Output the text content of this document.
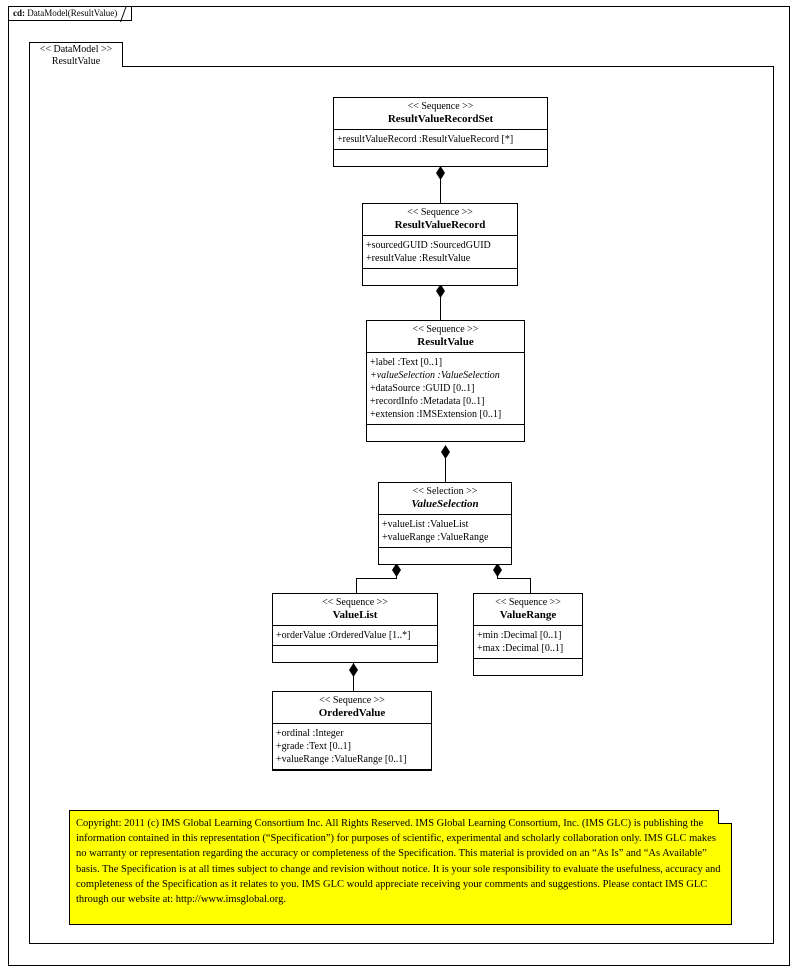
cd: DataModel(ResultValue)
<< DataModel >>
ResultValue
<< Sequence >>
ResultValueRecordSet
+resultValueRecord :ResultValueRecord [*]
<< Sequence >>
ResultValueRecord
+sourcedGUID :SourcedGUID
+resultValue :ResultValue
<< Sequence >>
ResultValue
+label :Text [0..1]
+valueSelection :ValueSelection
+dataSource :GUID [0..1]
+recordInfo :Metadata [0..1]
+extension :IMSExtension [0..1]
<< Selection >>
ValueSelection
+valueList :ValueList
+valueRange :ValueRange
<< Sequence >>
ValueList
+orderValue :OrderedValue [1..*]
<< Sequence >>
ValueRange
+min :Decimal [0..1]
+max :Decimal [0..1]
<< Sequence >>
OrderedValue
+ordinal :Integer
+grade :Text [0..1]
+valueRange :ValueRange [0..1]
Copyright: 2011 (c) IMS Global Learning Consortium Inc. All Rights Reserved. IMS Global Learning Consortium, Inc. (IMS GLC) is publishing the information contained in this representation (“Specification”) for purposes of scientific, experimental and scholarly collaboration only. IMS GLC makes no warranty or representation regarding the accuracy or completeness of the Specification. This material is provided on an “As Is” and “As Available” basis. The Specification is at all times subject to change and revision without notice. It is your sole responsibility to evaluate the usefulness, accuracy and completeness of the Specification as it relates to you. IMS GLC would appreciate receiving your comments and suggestions. Please contact IMS GLC through our website at: http://www.imsglobal.org.
